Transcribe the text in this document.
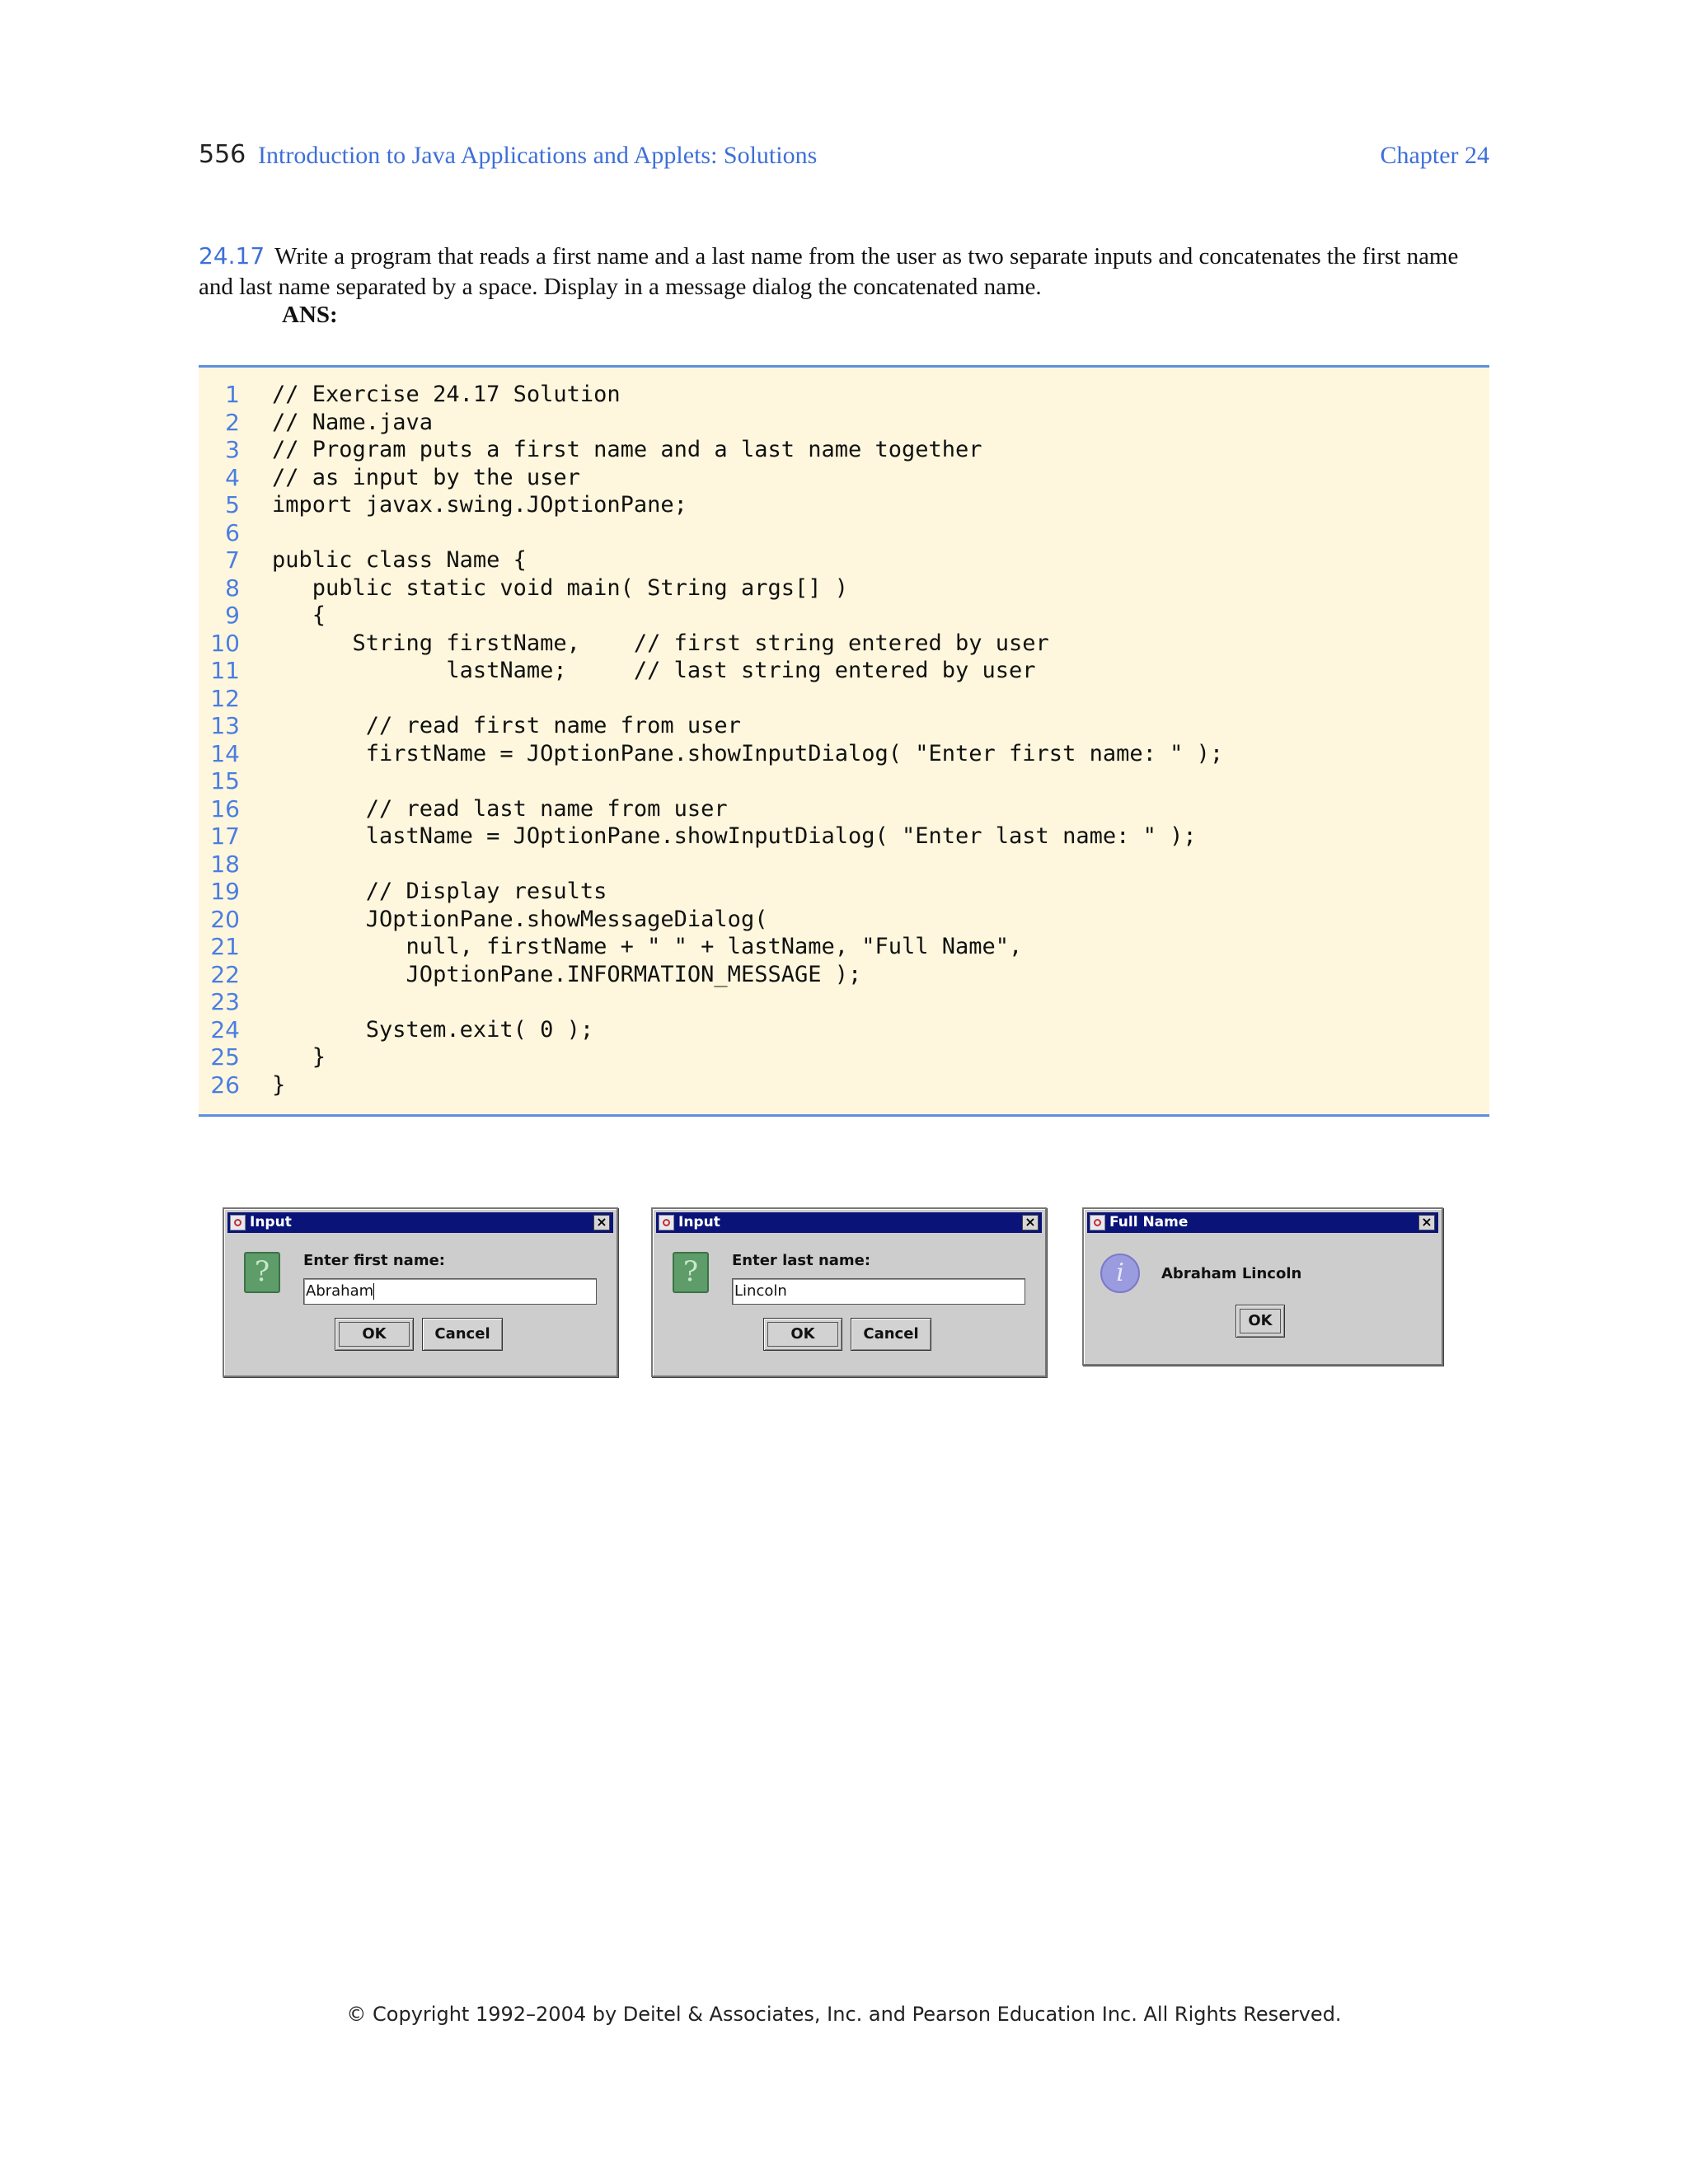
556 Introduction to Java Applications and Applets: Solutions	Chapter 24
24.17 Write a program that reads a first name and a last name from the user as two separate inputs and concatenates the first name and last name separated by a space. Display in a message dialog the concatenated name.
ANS:
1 // Exercise 24.17 Solution
2 // Name.java
3 // Program puts a first name and a last name together
4 // as input by the user
5 import javax.swing.JOptionPane;
6
7 public class Name {
8 public static void main( String args[] )
9 {
10 String firstName,    // first string entered by user
11 lastName;     // last string entered by user
12
13 // read first name from user
14 firstName = JOptionPane.showInputDialog( "Enter first name: " );
15
16 // read last name from user
17 lastName = JOptionPane.showInputDialog( "Enter last name: " );
18
19 // Display results
20 JOptionPane.showMessageDialog(
21 null, firstName + " " + lastName, "Full Name",
22 JOptionPane.INFORMATION_MESSAGE );
23
24 System.exit( 0 );
25 }
26 }
Input	×
?	Enter first name:
Abraham
OK	Cancel
Input	×
?	Enter last name:
Lincoln
OK	Cancel
Full Name	×
i	Abraham Lincoln
OK
© Copyright 1992–2004 by Deitel & Associates, Inc. and Pearson Education Inc. All Rights Reserved.
